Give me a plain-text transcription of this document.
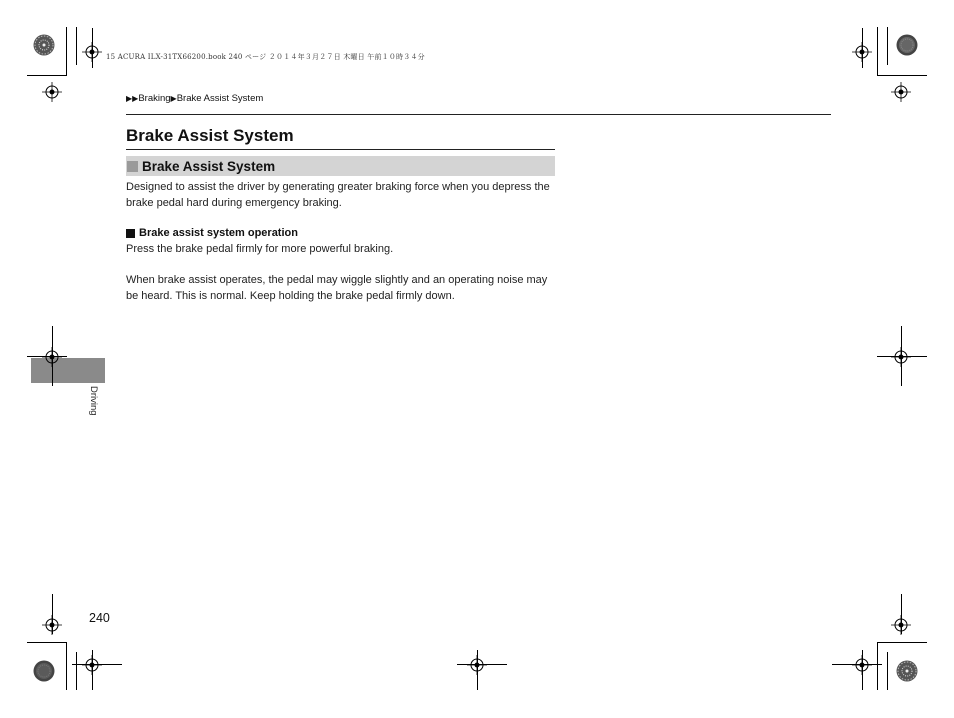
15 ACURA ILX-31TX66200.book 240 ページ ２０１４年３月２７日 木曜日 午前１０時３４分
▶▶Braking▶Brake Assist System
Brake Assist System
Brake Assist System
Designed to assist the driver by generating greater braking force when you depress the brake pedal hard during emergency braking.
Brake assist system operation
Press the brake pedal firmly for more powerful braking.
When brake assist operates, the pedal may wiggle slightly and an operating noise may be heard. This is normal. Keep holding the brake pedal firmly down.
Driving
240
